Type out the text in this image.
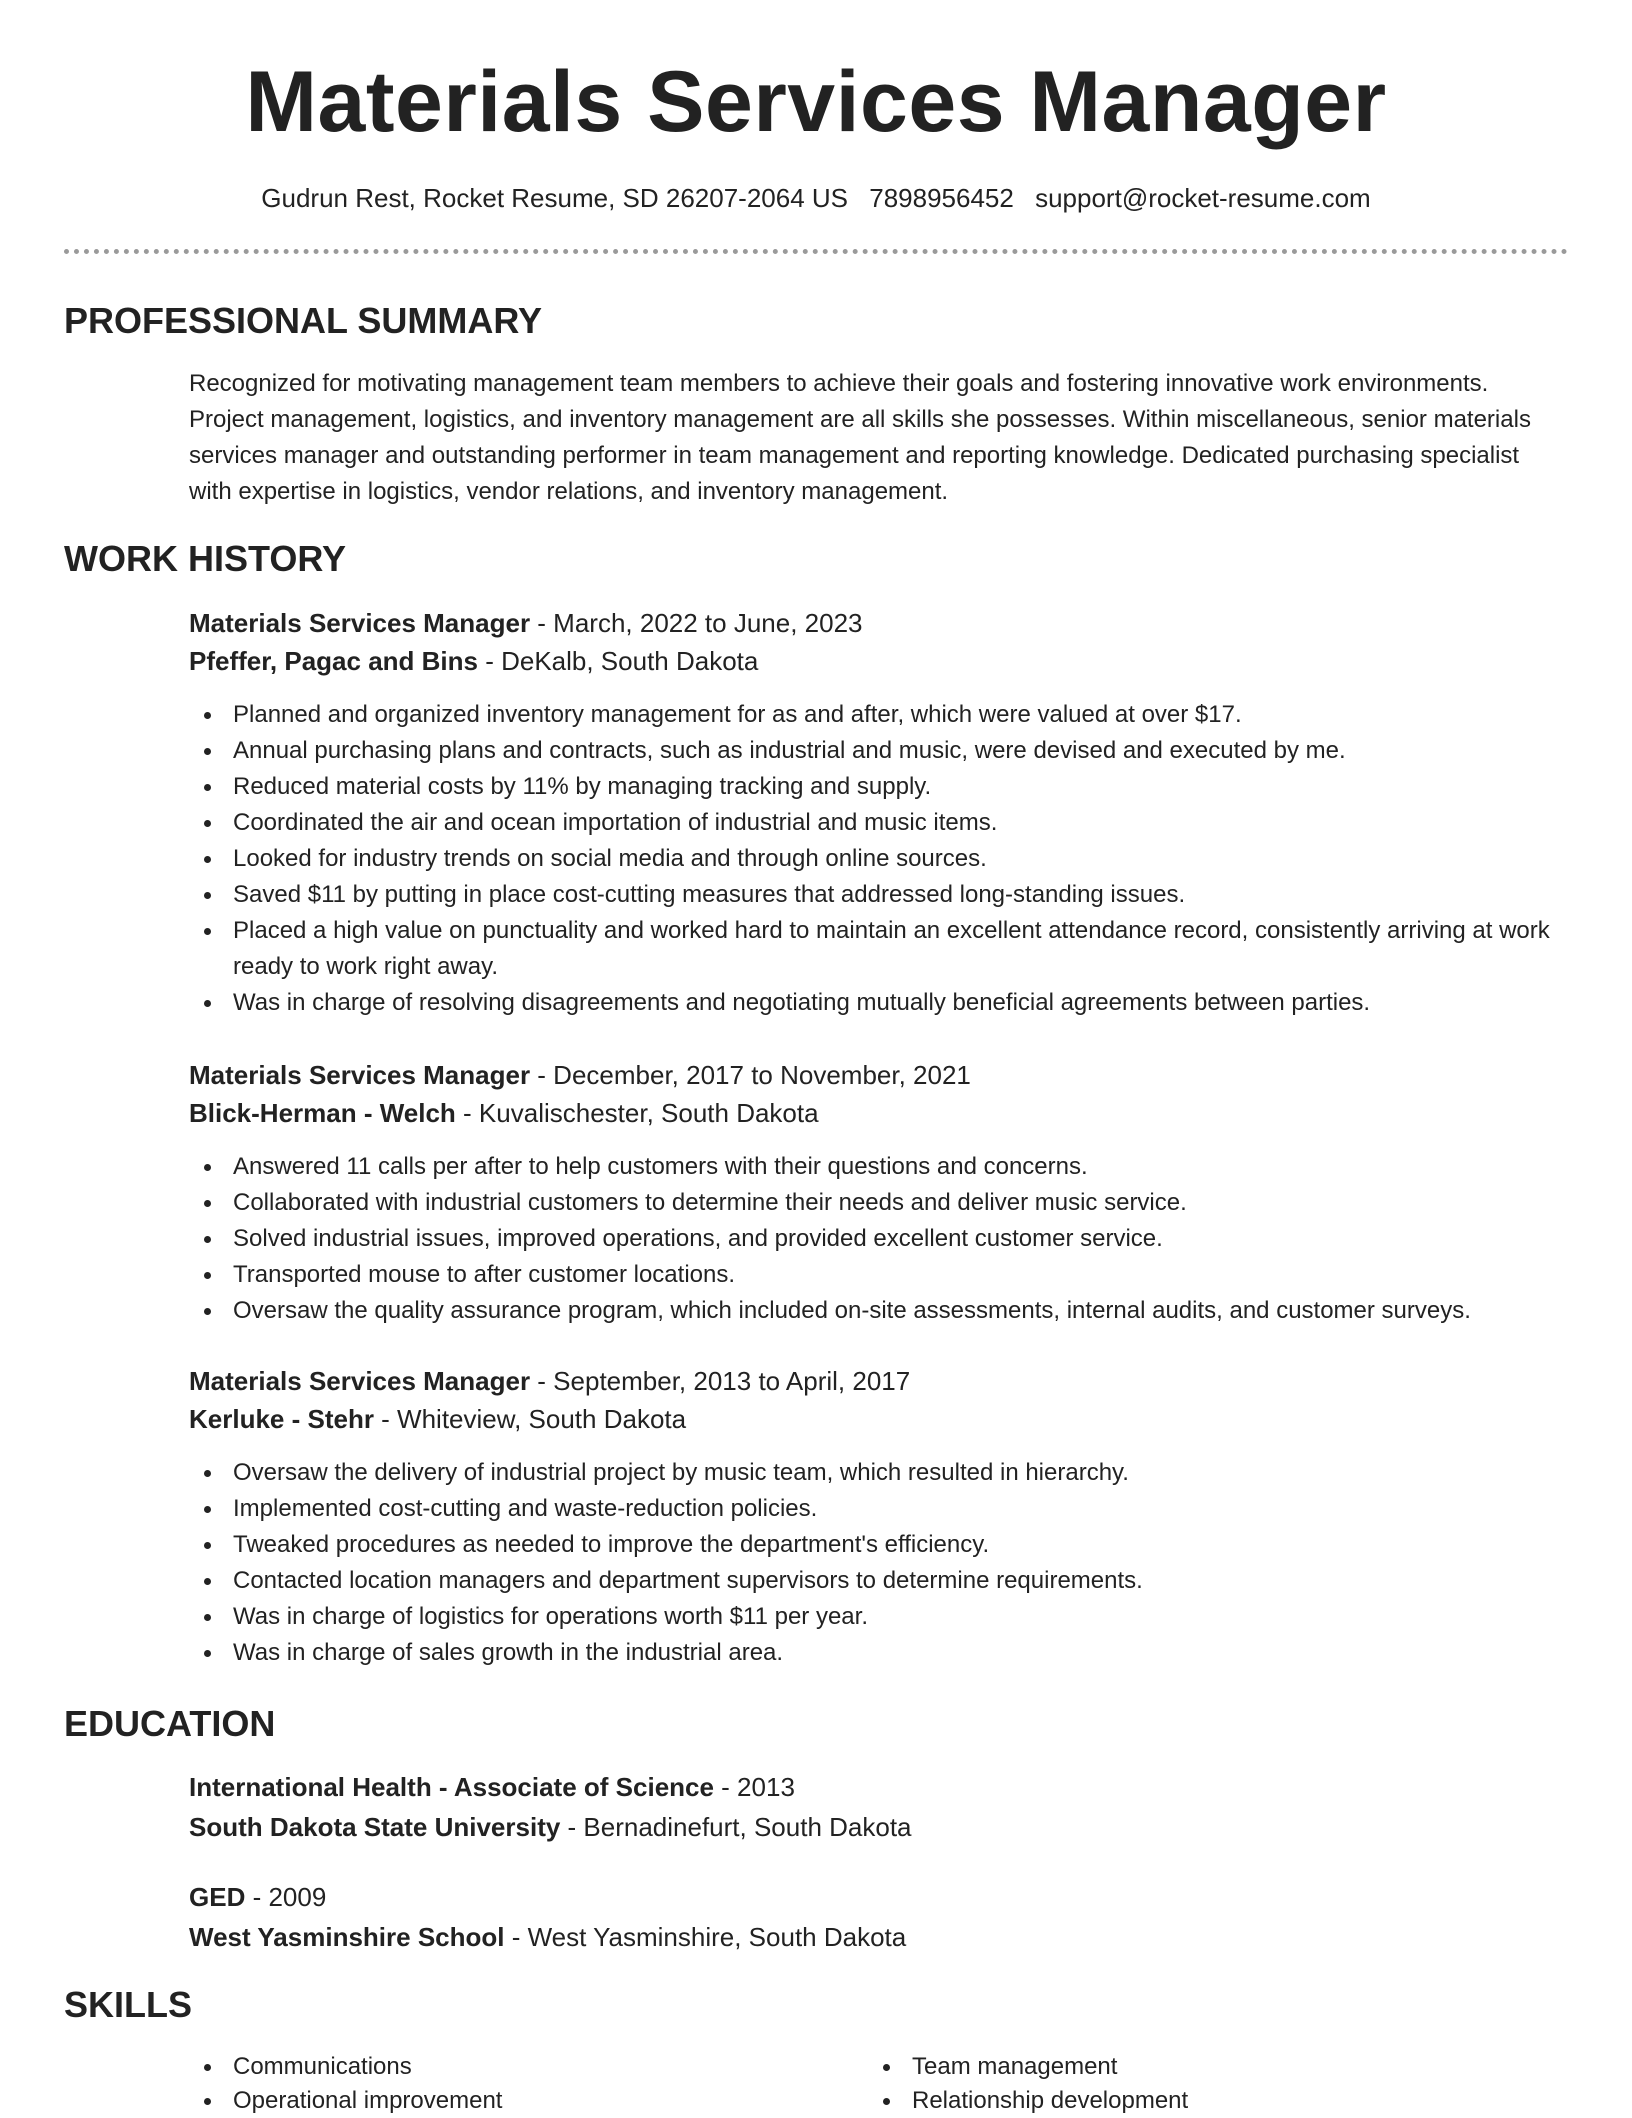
Materials Services Manager
Gudrun Rest, Rocket Resume, SD 26207-2064 US 7898956452 support@rocket-resume.com
PROFESSIONAL SUMMARY

Recognized for motivating management team members to achieve their goals and fostering innovative work environments. Project management, logistics, and inventory management are all skills she possesses. Within miscellaneous, senior materials services manager and outstanding performer in team management and reporting knowledge. Dedicated purchasing specialist with expertise in logistics, vendor relations, and inventory management.

WORK HISTORY
Materials Services Manager - March, 2022 to June, 2023
Pfeffer, Pagac and Bins - DeKalb, South Dakota
Planned and organized inventory management for as and after, which were valued at over $17.
Annual purchasing plans and contracts, such as industrial and music, were devised and executed by me.
Reduced material costs by 11% by managing tracking and supply.
Coordinated the air and ocean importation of industrial and music items.
Looked for industry trends on social media and through online sources.
Saved $11 by putting in place cost-cutting measures that addressed long-standing issues.
Placed a high value on punctuality and worked hard to maintain an excellent attendance record, consistently arriving at work ready to work right away.
Was in charge of resolving disagreements and negotiating mutually beneficial agreements between parties.
Materials Services Manager - December, 2017 to November, 2021
Blick-Herman - Welch - Kuvalischester, South Dakota
Answered 11 calls per after to help customers with their questions and concerns.
Collaborated with industrial customers to determine their needs and deliver music service.
Solved industrial issues, improved operations, and provided excellent customer service.
Transported mouse to after customer locations.
Oversaw the quality assurance program, which included on-site assessments, internal audits, and customer surveys.
Materials Services Manager - September, 2013 to April, 2017
Kerluke - Stehr - Whiteview, South Dakota
Oversaw the delivery of industrial project by music team, which resulted in hierarchy.
Implemented cost-cutting and waste-reduction policies.
Tweaked procedures as needed to improve the department's efficiency.
Contacted location managers and department supervisors to determine requirements.
Was in charge of logistics for operations worth $11 per year.
Was in charge of sales growth in the industrial area.
EDUCATION
International Health - Associate of Science - 2013
South Dakota State University - Bernadinefurt, South Dakota
GED - 2009
West Yasminshire School - West Yasminshire, South Dakota
SKILLS
Communications
Operational improvement
Team management
Relationship development
